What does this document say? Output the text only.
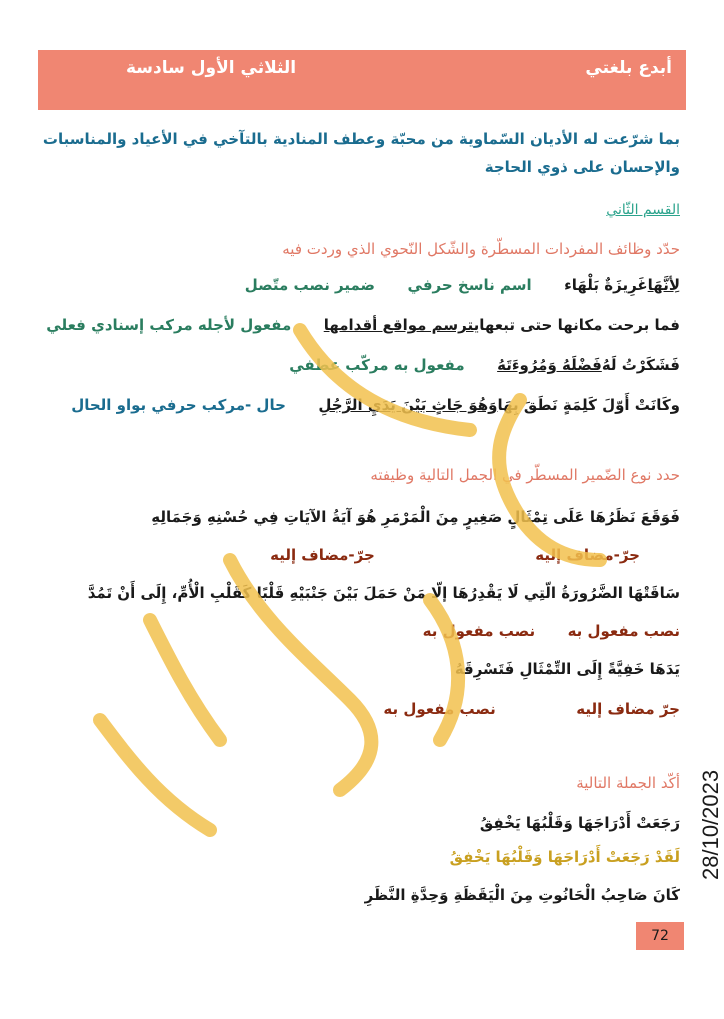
الثلاثي الأول سادسة	أبدع بلغتي
بما شرّعت له الأديان السّماوية من محبّة وعطف المنادية بالتآخي في الأعياد والمناسبات
والإحسان على ذوي الحاجة
القسم الثّاني
حدّد وظائف المفردات المسطّرة والشّكل النّحوي الذي وردت فيه
لِأنَّهَاغَرِيزَةٌ بَلْهَاء  اسم ناسخ حرفي  ضمير نصب متّصل
فما برحت مكانها حتى تبعهايترسم مواقع أقدامها  مفعول لأجله مركب إسنادي فعلي
فَشَكَرْتُ لَهُفَضْلَهُ وَمُرُوءَتَهُ  مفعول به مركّب عطفي
وكَانَتْ أَوّلَ كَلِمَةٍ نَطَقَ بِهَاوَهُوَ جَاثٍ بَيْنَ يَدَيِ الرَّجُلِ  حال -مركب حرفي بواو الحال
حدد نوع الضّمير المسطّر في الجمل التالية وظيفته
فَوَقَعَ نَظَرُهَا عَلَى تِمْثَالٍ صَغِيرٍ مِنَ الْمَرْمَرِ هُوَ آيَةُ الآيَاتِ فِي حُسْنِهِ وَجَمَالِهِ
جرّ-مضاف إليه  جرّ-مضاف إليه
سَاقَتْهَا الضَّرُورَةُ الّتِي لَا يَقْدِرُهَا إلّا مَنْ حَمَلَ بَيْنَ جَنْبَيْهِ قَلْبًا كَقَلْبِ الْأُمِّ، إِلَى أَنْ تَمُدَّ
نصب مفعول به  نصب مفعول به
يَدَهَا خَفِيَّةً إِلَى التِّمْثَالِ فَتَسْرِقَهُ
جرّ مضاف إليه  نصب مفعول به
أكّد الجملة التالية
رَجَعَتْ أَدْرَاجَهَا وَقَلْبُهَا يَخْفِقُ
لَقَدْ رَجَعَتْ أَدْرَاجَهَا وَقَلْبُهَا يَخْفِقُ
كَانَ صَاحِبُ الْحَانُوتِ مِنَ الْيَقَظَةِ وَحِدَّةِ النَّظَرِ
28/10/2023
72
